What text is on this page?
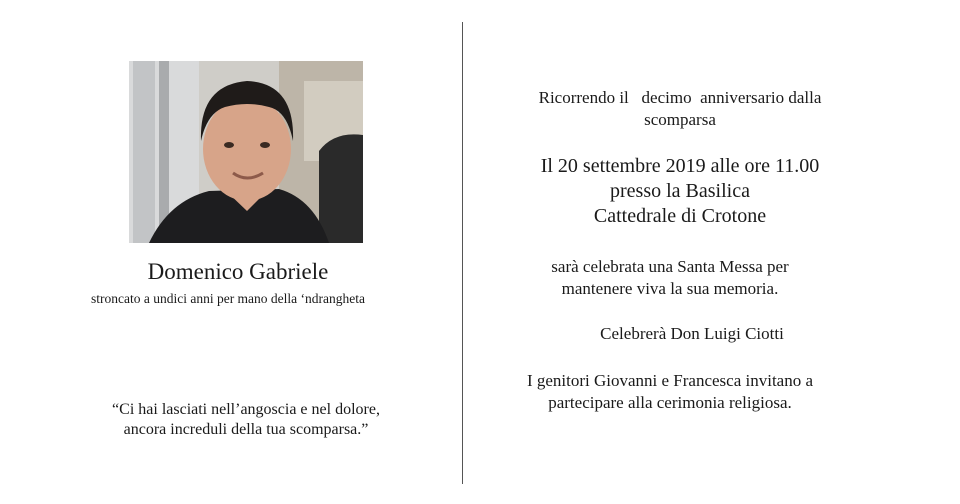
Domenico Gabriele
stroncato a undici anni per mano della ‘ndrangheta
“Ci hai lasciati nell’angoscia e nel dolore,
ancora increduli della tua scomparsa.”
Ricorrendo il   decimo  anniversario dalla
scomparsa
Il 20 settembre 2019 alle ore 11.00
presso la Basilica
Cattedrale di Crotone
sarà celebrata una Santa Messa per
mantenere viva la sua memoria.
Celebrerà Don Luigi Ciotti
I genitori Giovanni e Francesca invitano a
partecipare alla cerimonia religiosa.
